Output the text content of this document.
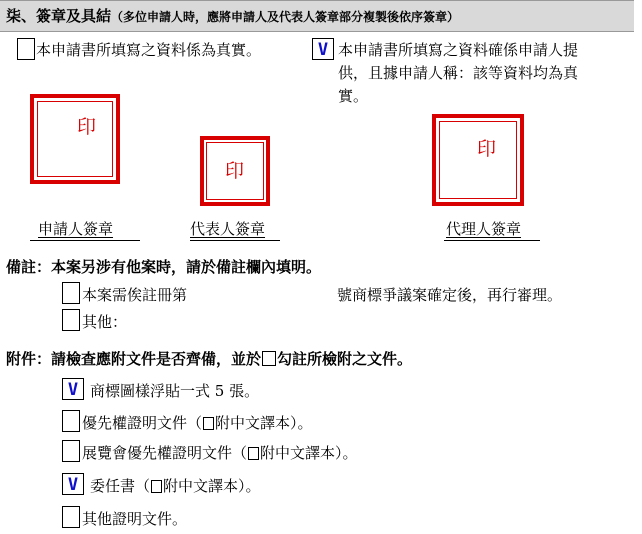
柒、簽章及具結（多位申請人時，應將申請人及代表人簽章部分複製後依序簽章）
本申請書所填寫之資料係為真實。	V 本申請書所填寫之資料確係申請人提
供，且據申請人稱：該等資料均為真
實。
印
印
印
申請人簽章	代表人簽章	代理人簽章
備註：本案另涉有他案時，請於備註欄內填明。
本案需俟註冊第	號商標爭議案確定後，再行審理。
其他：
附件：請檢查應附文件是否齊備，並於 勾註所檢附之文件。
V 商標圖樣浮貼一式 5 張。
優先權證明文件（ 附中文譯本）。
展覽會優先權證明文件（ 附中文譯本）。
V 委任書（ 附中文譯本）。
其他證明文件。
